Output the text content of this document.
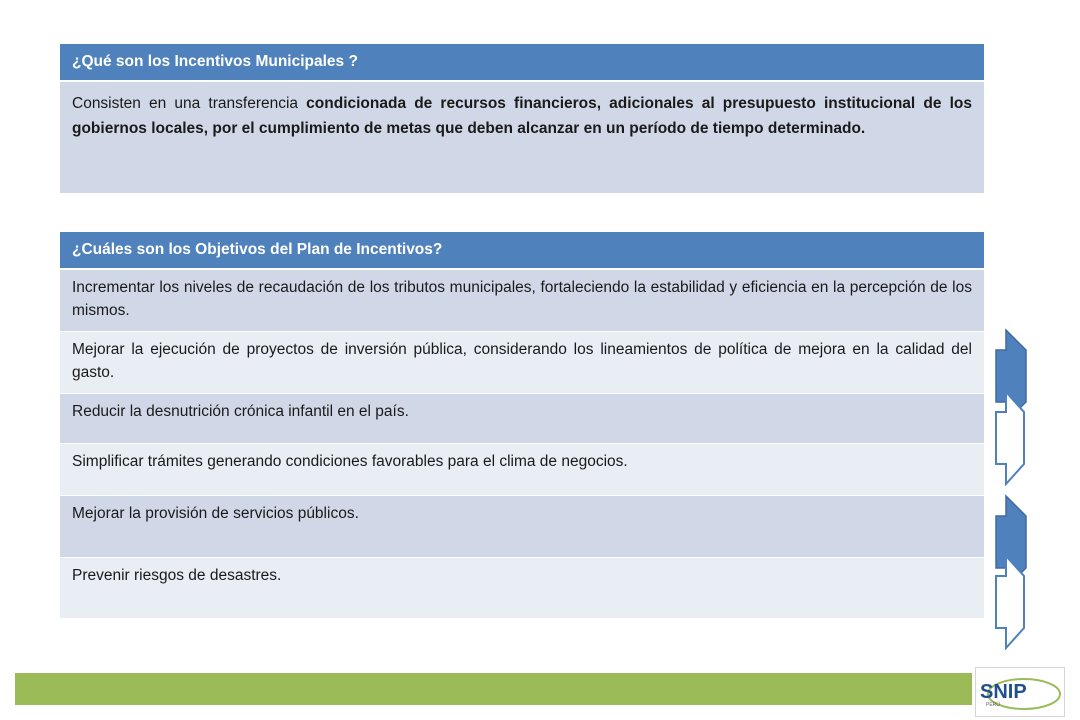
¿Qué son los Incentivos Municipales ?
Consisten en una transferencia condicionada de recursos financieros, adicionales al presupuesto institucional de los gobiernos locales, por el cumplimiento de metas que deben alcanzar en un período de tiempo determinado.
¿Cuáles son los Objetivos del Plan de Incentivos?
Incrementar los niveles de recaudación de los tributos municipales, fortaleciendo la estabilidad y eficiencia en la percepción de los mismos.
Mejorar la ejecución de proyectos de inversión pública, considerando los lineamientos de política de mejora en la calidad del gasto.
Reducir la desnutrición crónica infantil en el país.
Simplificar trámites generando condiciones favorables para el clima de negocios.
Mejorar la provisión de servicios públicos.
Prevenir riesgos de desastres.
SNIP
PERÚ
